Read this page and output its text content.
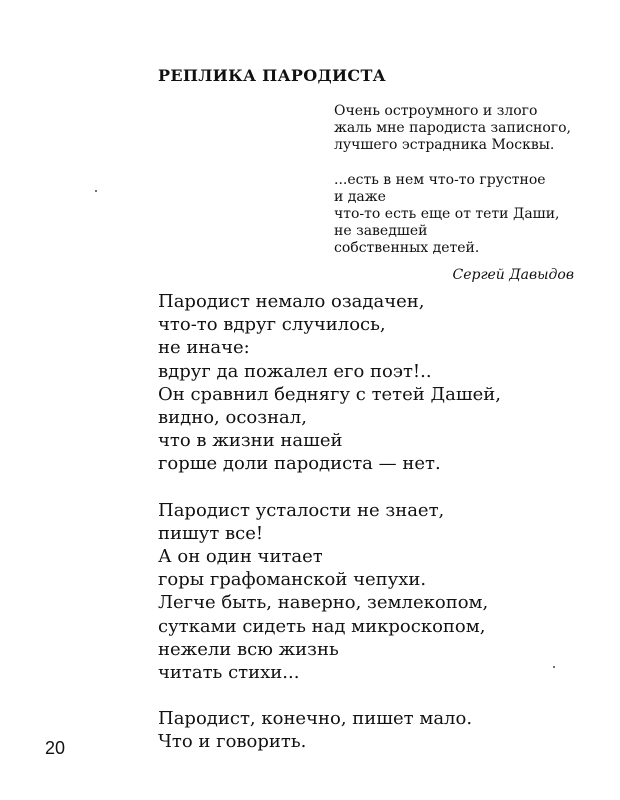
РЕПЛИКА ПАРОДИСТА
Очень остроумного и злого
жаль мне пародиста записного,
лучшего эстрадника Москвы.
...есть в нем что-то грустное
и даже
что-то есть еще от тети Даши,
не заведшей
собственных детей.
Сергей Давыдов
Пародист немало озадачен,
что-то вдруг случилось,
не иначе:
вдруг да пожалел его поэт!..
Он сравнил беднягу с тетей Дашей,
видно, осознал,
что в жизни нашей
горше доли пародиста — нет.
Пародист усталости не знает,
пишут все!
А он один читает
горы графоманской чепухи.
Легче быть, наверно, землекопом,
сутками сидеть над микроскопом,
нежели всю жизнь
читать стихи...
Пародист, конечно, пишет мало.
Что и говорить.
20
